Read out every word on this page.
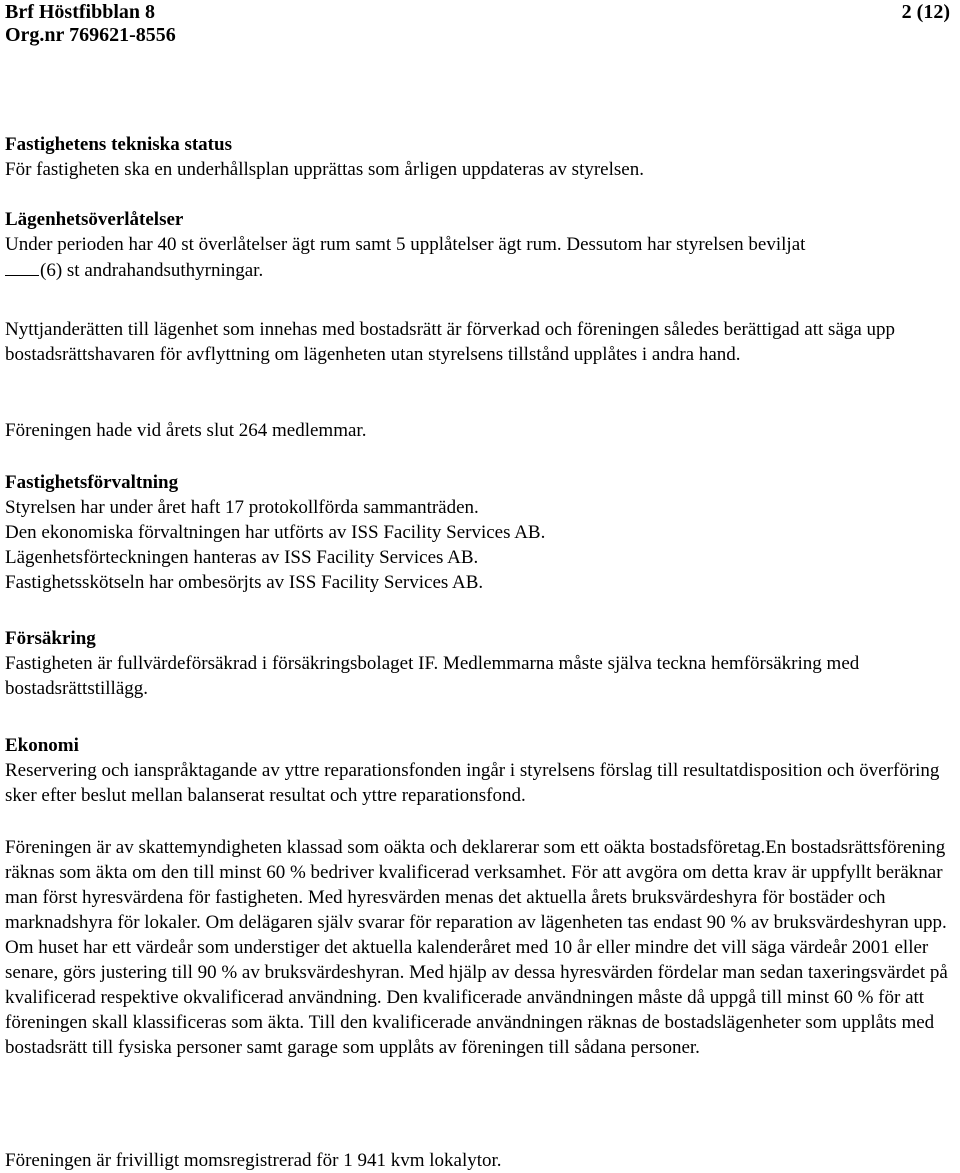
Brf Höstfibblan 8
Org.nr 769621-8556
2 (12)

Fastighetens tekniska status

För fastigheten ska en underhållsplan upprättas som årligen uppdateras av styrelsen.

Lägenhetsöverlåtelser

Under perioden har 40 st överlåtelser ägt rum samt 5 upplåtelser ägt rum. Dessutom har styrelsen beviljat

(6) st andrahandsuthyrningar.

Nyttjanderätten till lägenhet som innehas med bostadsrätt är förverkad och föreningen således berättigad att säga upp bostadsrättshavaren för avflyttning om lägenheten utan styrelsens tillstånd upplåtes i andra hand.

Föreningen hade vid årets slut 264 medlemmar.

Fastighetsförvaltning

Styrelsen har under året haft 17 protokollförda sammanträden.

Den ekonomiska förvaltningen har utförts av ISS Facility Services AB.

Lägenhetsförteckningen hanteras av ISS Facility Services AB.

Fastighetsskötseln har ombesörjts av ISS Facility Services AB.

Försäkring

Fastigheten är fullvärdeförsäkrad i försäkringsbolaget IF. Medlemmarna måste själva teckna hemförsäkring med bostadsrättstillägg.

Ekonomi

Reservering och ianspråktagande av yttre reparationsfonden ingår i styrelsens förslag till resultatdisposition och överföring sker efter beslut mellan balanserat resultat och yttre reparationsfond.

Föreningen är av skattemyndigheten klassad som oäkta och deklarerar som ett oäkta bostadsföretag.En bostadsrättsförening räknas som äkta om den till minst 60 % bedriver kvalificerad verksamhet. För att avgöra om detta krav är uppfyllt beräknar man först hyresvärdena för fastigheten. Med hyresvärden menas det aktuella årets bruksvärdeshyra för bostäder och marknadshyra för lokaler. Om delägaren själv svarar för reparation av lägenheten tas endast 90 % av bruksvärdeshyran upp. Om huset har ett värdeår som understiger det aktuella kalenderåret med 10 år eller mindre det vill säga värdeår 2001 eller senare, görs justering till 90 % av bruksvärdeshyran. Med hjälp av dessa hyresvärden fördelar man sedan taxeringsvärdet på kvalificerad respektive okvalificerad användning. Den kvalificerade användningen måste då uppgå till minst 60 % för att föreningen skall klassificeras som äkta. Till den kvalificerade användningen räknas de bostadslägenheter som upplåts med bostadsrätt till fysiska personer samt garage som upplåts av föreningen till sådana personer.

Föreningen är frivilligt momsregistrerad för 1 941 kvm lokalytor.
